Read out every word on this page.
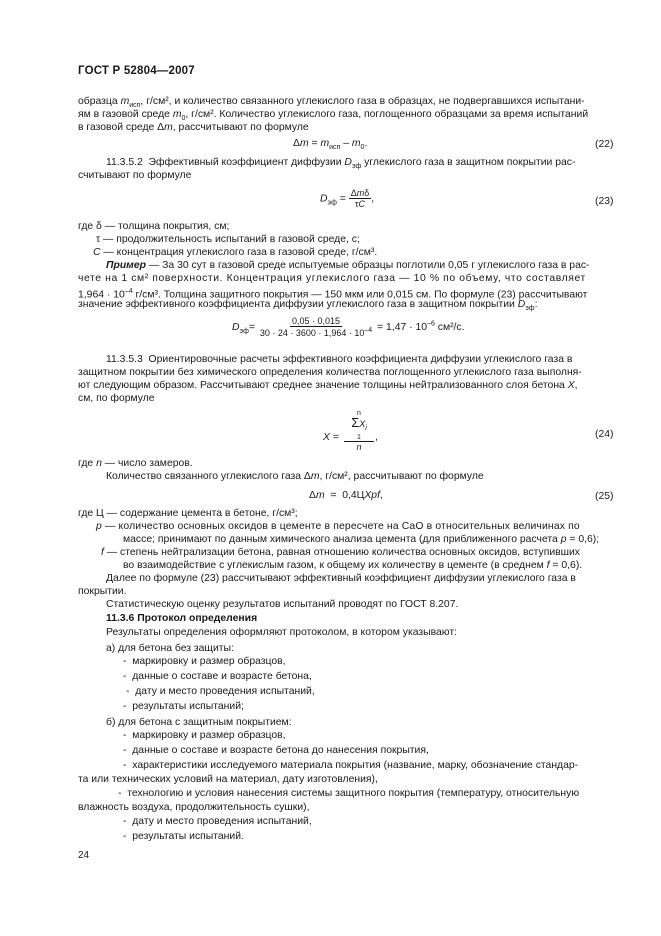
ГОСТ Р 52804—2007
образца $m_{исп}$, г/см², и количество связанного углекислого газа в образцах, не подвергавшихся испытани-
ям в газовой среде $m_0$, г/см². Количество углекислого газа, поглощенного образцами за время испытаний
в газовой среде Δm, рассчитывают по формуле
$\Delta m = m_{исп} - m_0$.	(22)
11.3.5.2  Эффективный коэффициент диффузии $D_{эф}$ углекислого газа в защитном покрытии рас-
считывают по формуле
$D_{эф} = \frac{\text{Δmδ}}{\tau C}$ ,	(23)
где δ — толщина покрытия, см;
τ — продолжительность испытаний в газовой среде, с;
C — концентрация углекислого газа в газовой среде, г/см³.
Пример — За 30 сут в газовой среде испытуемые образцы поглотили 0,05 г углекислого газа в рас-
чете на 1 см² поверхности. Концентрация углекислого газа — 10 % по объему, что составляет
$1,964 \cdot 10^{-4}$ г/см³. Толщина защитного покрытия — 150 мкм или 0,015 см. По формуле (23) рассчитывают
значение эффективного коэффициента диффузии углекислого газа в защитном покрытии $D_{эф}$:
$D_{эф}= \frac{0,05 \cdot 0,015}{30 \cdot 24 \cdot 3600 \cdot 1,964 \cdot 10^{-4}} = 1,47 \cdot 10^{-6}$ см²/с.
11.3.5.3  Ориентировочные расчеты эффективного коэффициента диффузии углекислого газа в
защитном покрытии без химического определения количества поглощенного углекислого газа выполня-
ют следующим образом. Рассчитывают среднее значение толщины нейтрализованного слоя бетона X,
см, по формуле
X =
n
$\Sigma X_i$
1
n
,	(24)
где n — число замеров.
Количество связанного углекислого газа Δm, г/см², рассчитывают по формуле
Δm  =  0,4ЦXpf,	(25)
где Ц — содержание цемента в бетоне, г/см³;
p — количество основных оксидов в цементе в пересчете на CaO в относительных величинах по
массе; принимают по данным химического анализа цемента (для приближенного расчета p = 0,6);
f — степень нейтрализации бетона, равная отношению количества основных оксидов, вступивших
во взаимодействие с углекислым газом, к общему их количеству в цементе (в среднем f = 0,6).
Далее по формуле (23) рассчитывают эффективный коэффициент диффузии углекислого газа в
покрытии.
Статистическую оценку результатов испытаний проводят по ГОСТ 8.207.
11.3.6 Протокол определения
Результаты определения оформляют протоколом, в котором указывают:
а) для бетона без защиты:
-  маркировку и размер образцов,
-  данные о составе и возрасте бетона,
-  дату и место проведения испытаний,
-  результаты испытаний;
б) для бетона с защитным покрытием:
-  маркировку и размер образцов,
-  данные о составе и возрасте бетона до нанесения покрытия,
-  характеристики исследуемого материала покрытия (название, марку, обозначение стандар-
та или технических условий на материал, дату изготовления),
-  технологию и условия нанесения системы защитного покрытия (температуру, относительную
влажность воздуха, продолжительность сушки),
-  дату и место проведения испытаний,
-  результаты испытаний.
24
